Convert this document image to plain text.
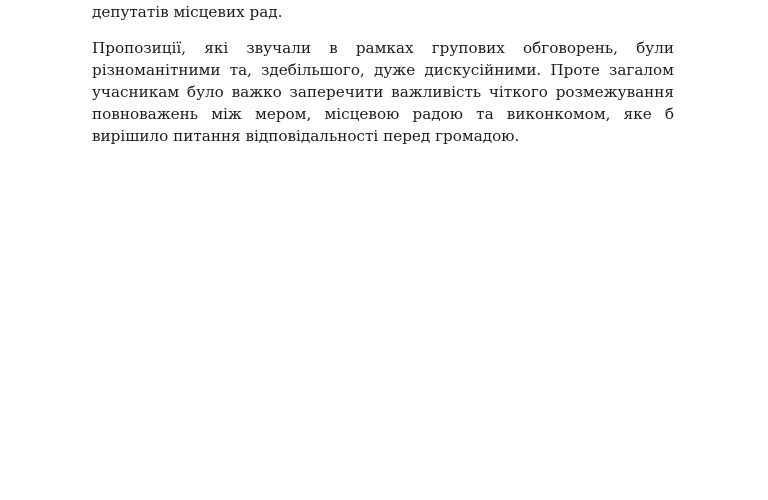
депутатів місцевих рад.

Пропозиції, які звучали в рамках групових обговорень, були різноманітними та, здебільшого, дуже дискусійними. Проте загалом учасникам було важко заперечити важливість чіткого розмежування повноважень між мером, місцевою радою та виконкомом, яке б вирішило питання відповідальності перед громадою.
